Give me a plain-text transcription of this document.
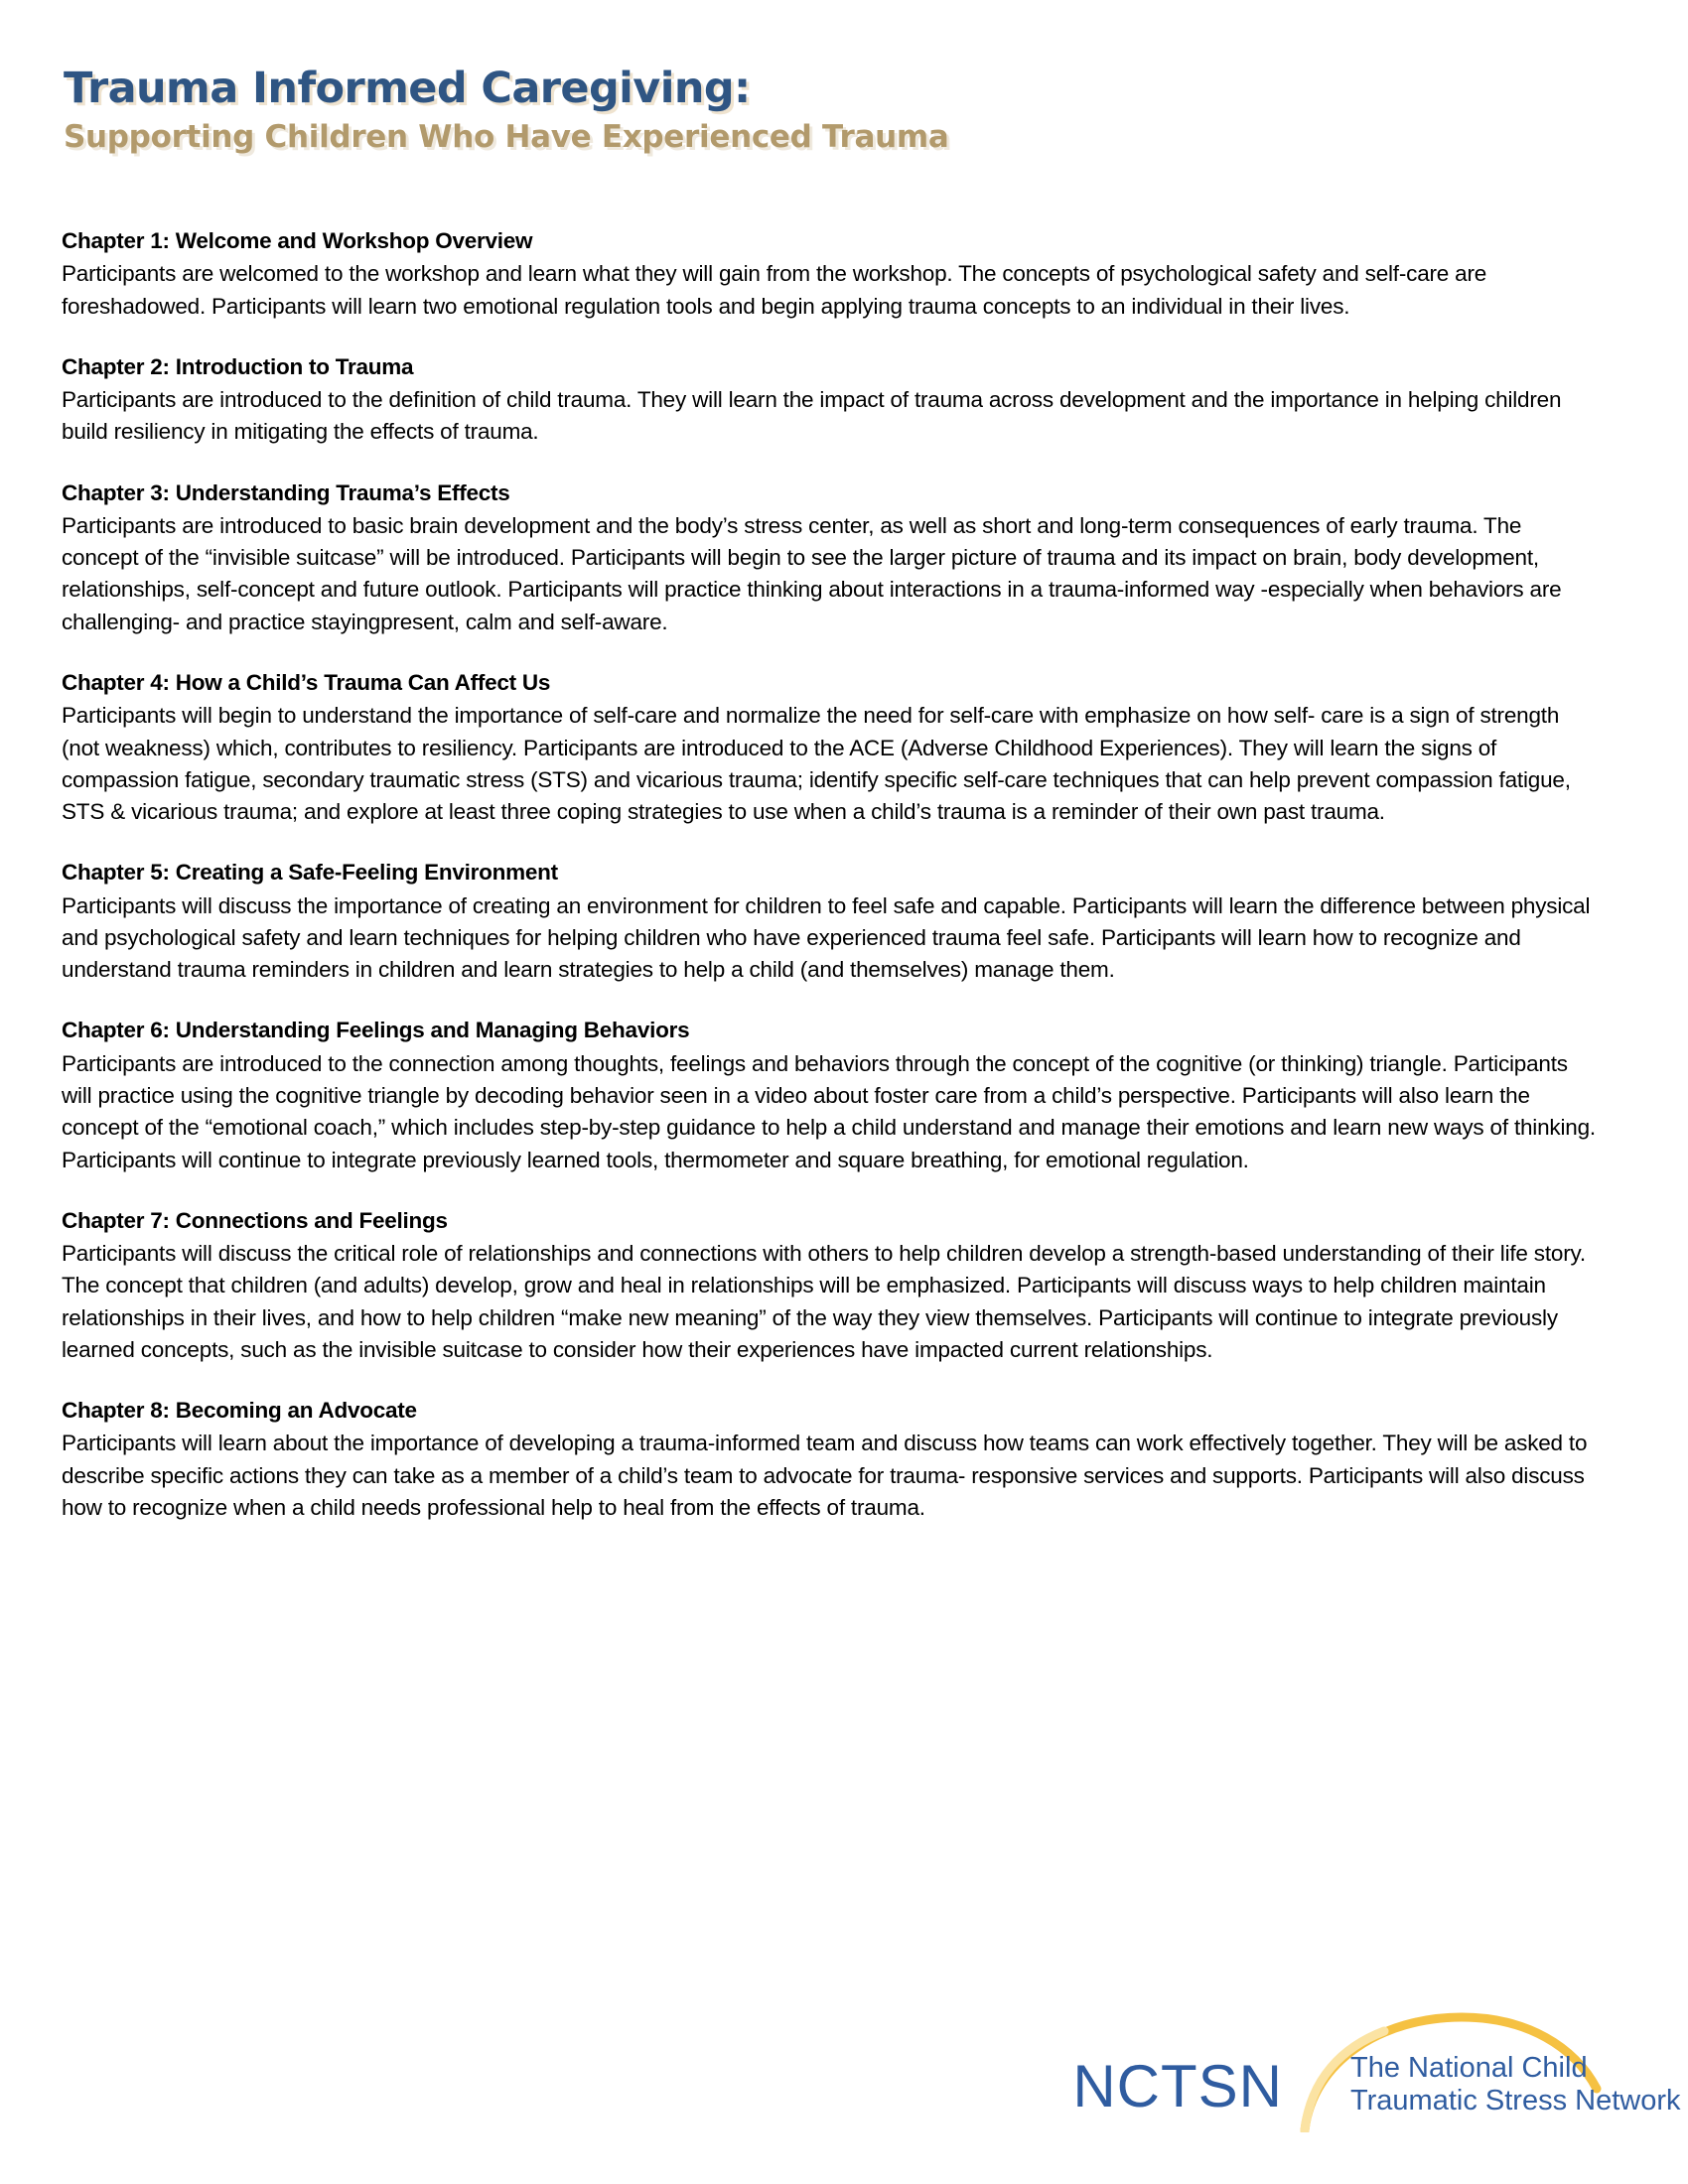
Trauma Informed Caregiving:
Supporting Children Who Have Experienced Trauma
Chapter 1: Welcome and Workshop Overview

Participants are welcomed to the workshop and learn what they will gain from the workshop. The concepts of psychological safety and self-care are foreshadowed. Participants will learn two emotional regulation tools and begin applying trauma concepts to an individual in their lives.

Chapter 2: Introduction to Trauma

Participants are introduced to the definition of child trauma. They will learn the impact of trauma across development and the importance in helping children build resiliency in mitigating the effects of trauma.

Chapter 3: Understanding Trauma’s Effects

Participants are introduced to basic brain development and the body’s stress center, as well as short and long-term consequences of early trauma. The concept of the “invisible suitcase” will be introduced. Participants will begin to see the larger picture of trauma and its impact on brain, body development, relationships, self-concept and future outlook. Participants will practice thinking about interactions in a trauma-informed way -especially when behaviors are challenging- and practice stayingpresent, calm and self-aware.

Chapter 4: How a Child’s Trauma Can Affect Us

Participants will begin to understand the importance of self-care and normalize the need for self-care with emphasize on how self- care is a sign of strength (not weakness) which, contributes to resiliency. Participants are introduced to the ACE (Adverse Childhood Experiences). They will learn the signs of compassion fatigue, secondary traumatic stress (STS) and vicarious trauma; identify specific self-care techniques that can help prevent compassion fatigue, STS & vicarious trauma; and explore at least three coping strategies to use when a child’s trauma is a reminder of their own past trauma.

Chapter 5: Creating a Safe-Feeling Environment

Participants will discuss the importance of creating an environment for children to feel safe and capable. Participants will learn the difference between physical and psychological safety and learn techniques for helping children who have experienced trauma feel safe. Participants will learn how to recognize and understand trauma reminders in children and learn strategies to help a child (and themselves) manage them.

Chapter 6: Understanding Feelings and Managing Behaviors

Participants are introduced to the connection among thoughts, feelings and behaviors through the concept of the cognitive (or thinking) triangle. Participants will practice using the cognitive triangle by decoding behavior seen in a video about foster care from a child’s perspective. Participants will also learn the concept of the “emotional coach,” which includes step-by-step guidance to help a child understand and manage their emotions and learn new ways of thinking. Participants will continue to integrate previously learned tools, thermometer and square breathing, for emotional regulation.

Chapter 7: Connections and Feelings

Participants will discuss the critical role of relationships and connections with others to help children develop a strength-based understanding of their life story. The concept that children (and adults) develop, grow and heal in relationships will be emphasized. Participants will discuss ways to help children maintain relationships in their lives, and how to help children “make new meaning” of the way they view themselves. Participants will continue to integrate previously learned concepts, such as the invisible suitcase to consider how their experiences have impacted current relationships.

Chapter 8: Becoming an Advocate

Participants will learn about the importance of developing a trauma-informed team and discuss how teams can work effectively together. They will be asked to describe specific actions they can take as a member of a child’s team to advocate for trauma- responsive services and supports. Participants will also discuss how to recognize when a child needs professional help to heal from the effects of trauma.

NCTSN The National Child
Traumatic Stress Network
